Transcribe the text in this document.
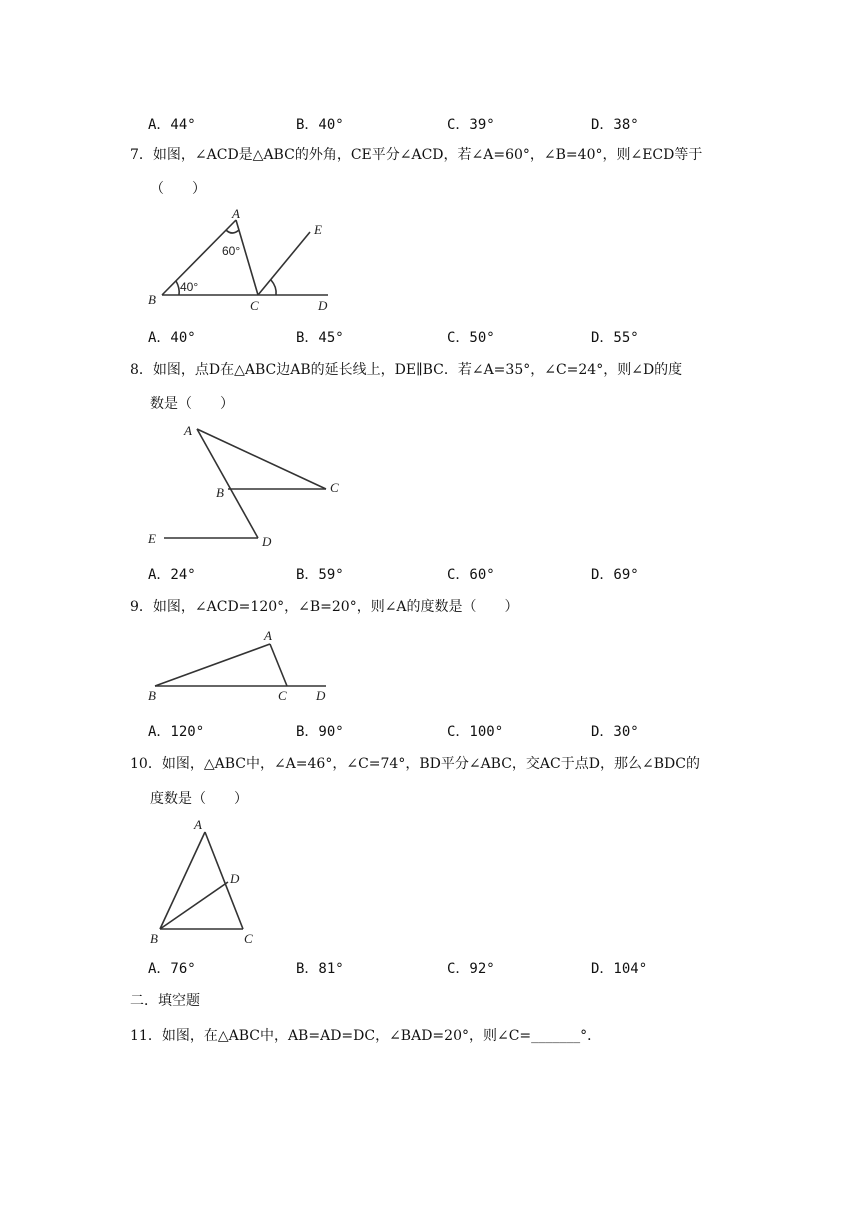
A．44°	B．40°	C．39°	D．38°
7．如图，∠ACD是△ABC的外角，CE平分∠ACD，若∠A=60°，∠B=40°，则∠ECD等于
（　　）
A
B	C	D
E
60°
40°
A．40°	B．45°	C．50°	D．55°
8．如图，点D在△ABC边AB的延长线上，DE∥BC．若∠A=35°，∠C=24°，则∠D的度
数是（　　）
A
B	C
D
E
A．24°	B．59°	C．60°	D．69°
9．如图，∠ACD=120°，∠B=20°，则∠A的度数是（　　）
A
B	C D
A．120°	B．90°	C．100°	D．30°
10．如图，△ABC中，∠A=46°，∠C=74°，BD平分∠ABC，交AC于点D，那么∠BDC的
度数是（　　）
A
B	C
D
A．76°	B．81°	C．92°	D．104°
二．填空题
11．如图，在△ABC中，AB=AD=DC，∠BAD=20°，则∠C=_______°．
